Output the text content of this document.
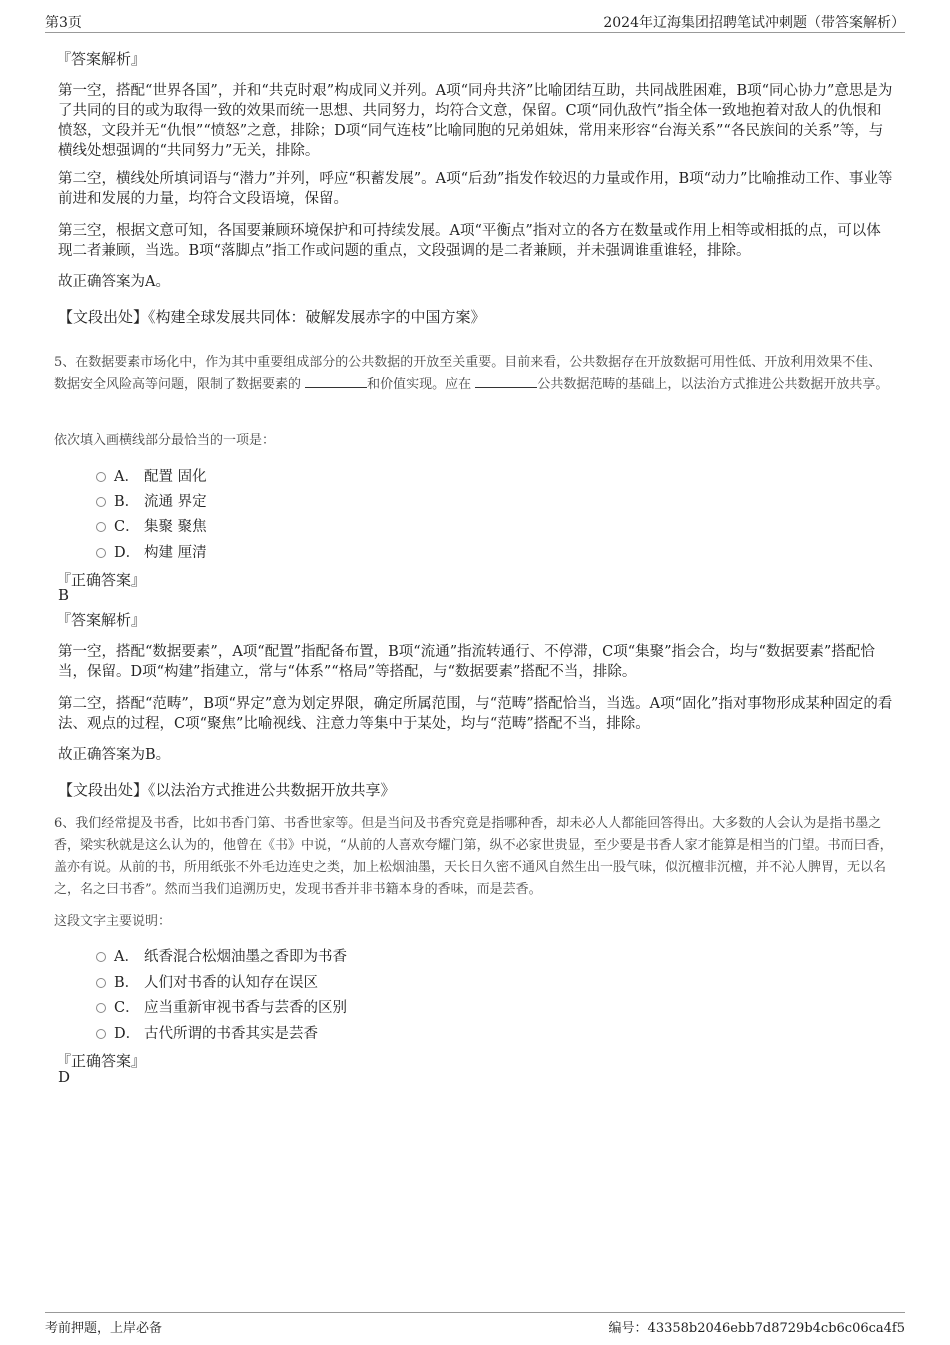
第3页	2024年辽海集团招聘笔试冲刺题（带答案解析）
『答案解析』
第一空，搭配“世界各国”，并和“共克时艰”构成同义并列。A项“同舟共济”比喻团结互助，共同战胜困难，B项“同心协力”意思是为了共同的目的或为取得一致的效果而统一思想、共同努力，均符合文意，保留。C项“同仇敌忾”指全体一致地抱着对敌人的仇恨和愤怒，文段并无“仇恨”“愤怒”之意，排除；D项“同气连枝”比喻同胞的兄弟姐妹，常用来形容“台海关系”“各民族间的关系”等，与横线处想强调的“共同努力”无关，排除。
第二空，横线处所填词语与“潜力”并列，呼应“积蓄发展”。A项“后劲”指发作较迟的力量或作用，B项“动力”比喻推动工作、事业等前进和发展的力量，均符合文段语境，保留。
第三空，根据文意可知，各国要兼顾环境保护和可持续发展。A项“平衡点”指对立的各方在数量或作用上相等或相抵的点，可以体现二者兼顾，当选。B项“落脚点”指工作或问题的重点，文段强调的是二者兼顾，并未强调谁重谁轻，排除。
故正确答案为A。
【文段出处】《构建全球发展共同体：破解发展赤字的中国方案》
5、在数据要素市场化中，作为其中重要组成部分的公共数据的开放至关重要。目前来看，公共数据存在开放数据可用性低、开放利用效果不佳、数据安全风险高等问题，限制了数据要素的	和价值实现。应在	公共数据范畴的基础上，以法治方式推进公共数据开放共享。
依次填入画横线部分最恰当的一项是：
A． 配置 固化
B． 流通 界定
C． 集聚 聚焦
D． 构建 厘清
『正确答案』
B
『答案解析』
第一空，搭配“数据要素”，A项“配置”指配备布置，B项“流通”指流转通行、不停滞，C项“集聚”指会合，均与“数据要素”搭配恰当，保留。D项“构建”指建立，常与“体系”“格局”等搭配，与“数据要素”搭配不当，排除。
第二空，搭配“范畴”，B项“界定”意为划定界限，确定所属范围，与“范畴”搭配恰当，当选。A项“固化”指对事物形成某种固定的看法、观点的过程，C项“聚焦”比喻视线、注意力等集中于某处，均与“范畴”搭配不当，排除。
故正确答案为B。
【文段出处】《以法治方式推进公共数据开放共享》
6、我们经常提及书香，比如书香门第、书香世家等。但是当问及书香究竟是指哪种香，却未必人人都能回答得出。大多数的人会认为是指书墨之香，梁实秋就是这么认为的，他曾在《书》中说，“从前的人喜欢夸耀门第，纵不必家世贵显，至少要是书香人家才能算是相当的门望。书而曰香，盖亦有说。从前的书，所用纸张不外毛边连史之类，加上松烟油墨，天长日久密不通风自然生出一股气味，似沉檀非沉檀，并不沁人脾胃，无以名之，名之曰书香”。然而当我们追溯历史，发现书香并非书籍本身的香味，而是芸香。
这段文字主要说明：
A． 纸香混合松烟油墨之香即为书香
B． 人们对书香的认知存在误区
C． 应当重新审视书香与芸香的区别
D． 古代所谓的书香其实是芸香
『正确答案』
D
考前押题，上岸必备	编号：43358b2046ebb7d8729b4cb6c06ca4f5
